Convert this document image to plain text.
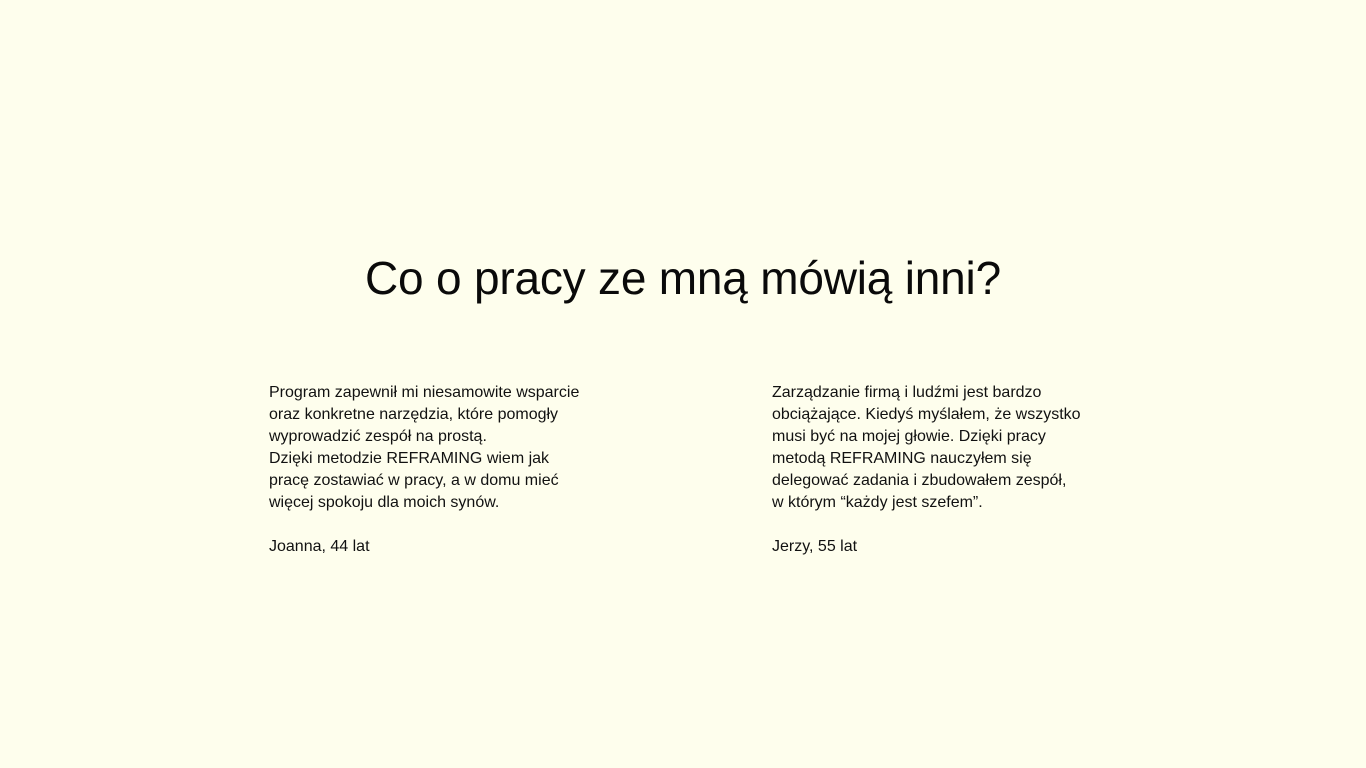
Co o pracy ze mną mówią inni?

Program zapewnił mi niesamowite wsparcie
oraz konkretne narzędzia, które pomogły
wyprowadzić zespół na prostą.
Dzięki metodzie REFRAMING wiem jak
pracę zostawiać w pracy, a w domu mieć
więcej spokoju dla moich synów.

Joanna, 44 lat

Zarządzanie firmą i ludźmi jest bardzo
obciążające. Kiedyś myślałem, że wszystko
musi być na mojej głowie. Dzięki pracy
metodą REFRAMING nauczyłem się
delegować zadania i zbudowałem zespół,
w którym “każdy jest szefem”.

Jerzy, 55 lat
